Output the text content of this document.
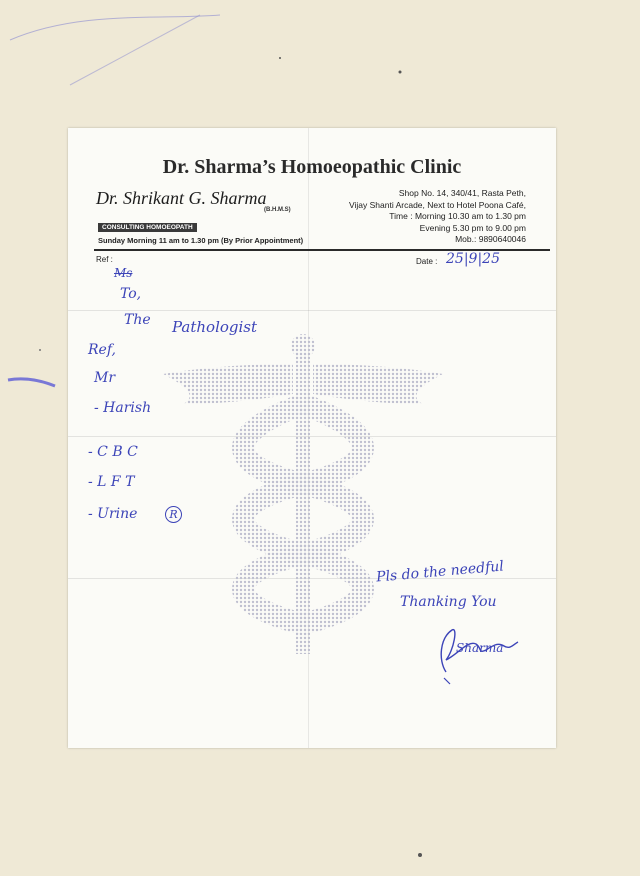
Dr. Sharma’s Homoeopathic Clinic
Dr. Shrikant G. Sharma
(B.H.M.S)
Shop No. 14, 340/41, Rasta Peth,
Vijay Shanti Arcade, Next to Hotel Poona Café,
Time : Morning 10.30 am to 1.30 pm
Evening 5.30 pm to 9.00 pm
Mob.: 9890640046
CONSULTING HOMOEOPATH
Sunday Morning 11 am to 1.30 pm (By Prior Appointment)
Ref :	Date : 25|9|25
Ms
To,
The Pathologist
Ref,
Mr
- Harish
- C B C
- L F T
- Urine	R
Pls do the needful
Thanking You
Sharma
